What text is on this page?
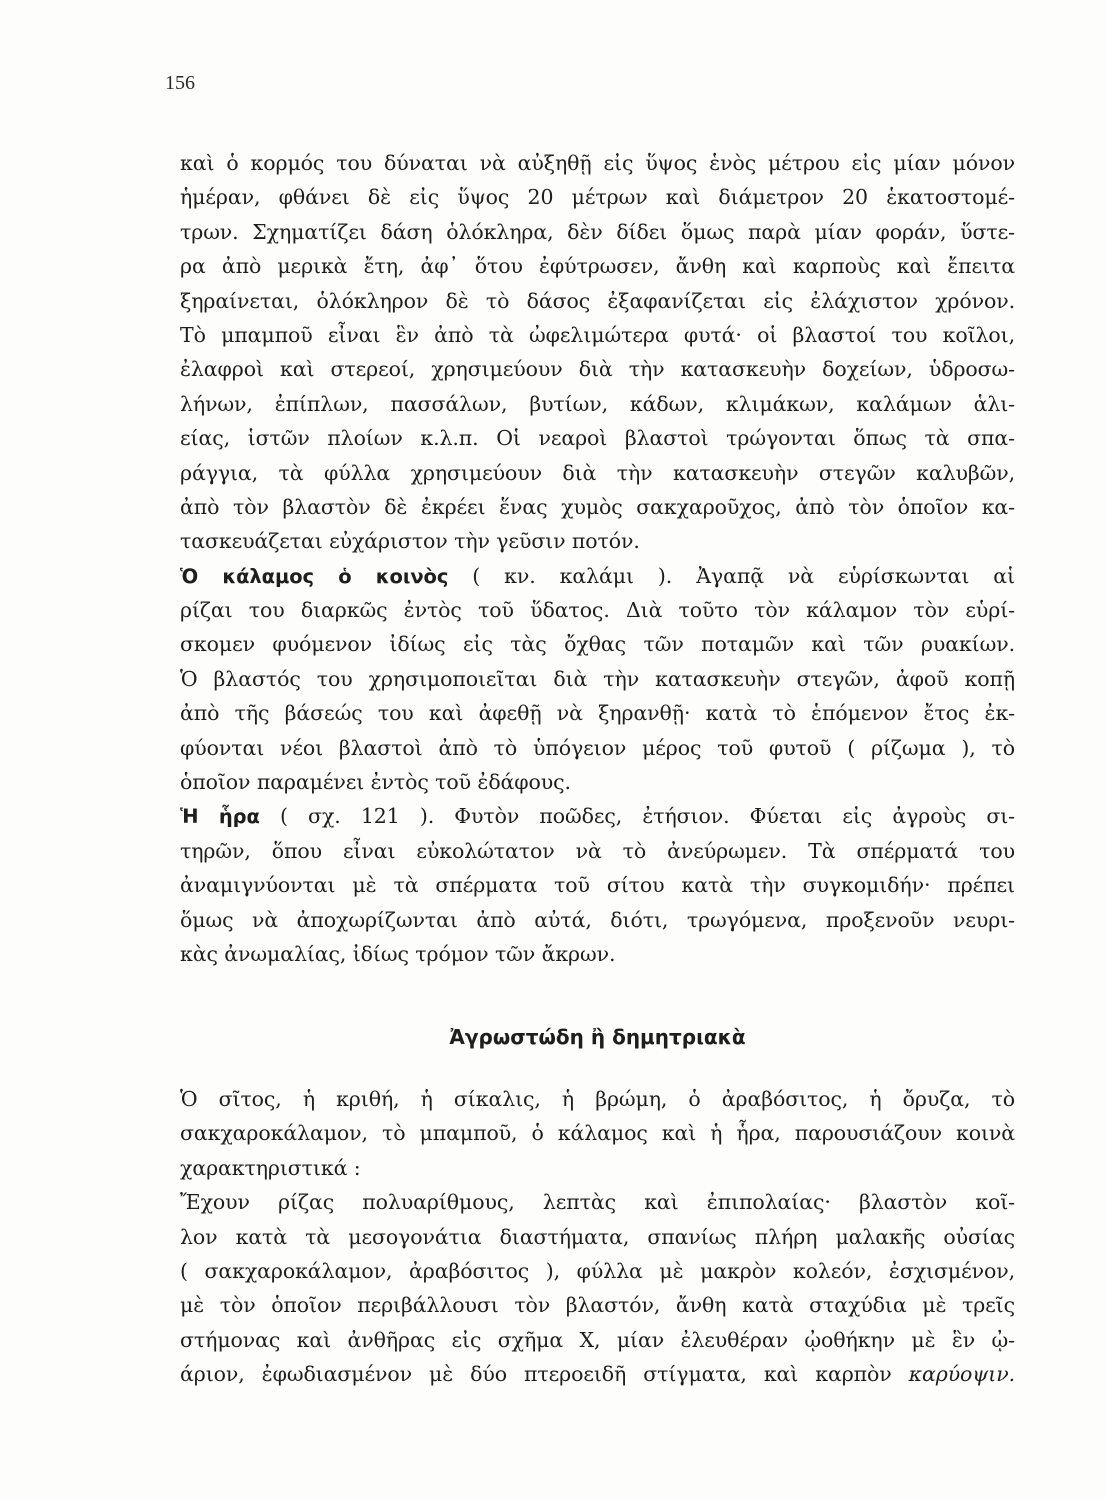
156
καὶ ὁ κορμός του δύναται νὰ αὐξηθῇ εἰς ὕψος ἑνὸς μέτρου εἰς μίαν μόνον
ἡμέραν, φθάνει δὲ εἰς ὕψος 20 μέτρων καὶ διάμετρον 20 ἑκατοστομέ-
τρων. Σχηματίζει δάση ὁλόκληρα, δὲν δίδει ὅμως παρὰ μίαν φοράν, ὕστε-
ρα ἀπὸ μερικὰ ἔτη, ἀφ᾽ ὅτου ἐφύτρωσεν, ἄνθη καὶ καρποὺς καὶ ἔπειτα
ξηραίνεται, ὁλόκληρον δὲ τὸ δάσος ἐξαφανίζεται εἰς ἐλάχιστον χρόνον.
Τὸ μπαμποῦ εἶναι ἓν ἀπὸ τὰ ὠφελιμώτερα φυτά· οἱ βλαστοί του κοῖλοι,
ἐλαφροὶ καὶ στερεοί, χρησιμεύουν διὰ τὴν κατασκευὴν δοχείων, ὑδροσω-
λήνων, ἐπίπλων, πασσάλων, βυτίων, κάδων, κλιμάκων, καλάμων ἁλι-
είας, ἱστῶν πλοίων κ.λ.π. Οἱ νεαροὶ βλαστοὶ τρώγονται ὅπως τὰ σπα-
ράγγια, τὰ φύλλα χρησιμεύουν διὰ τὴν κατασκευὴν στεγῶν καλυβῶν,
ἀπὸ τὸν βλαστὸν δὲ ἐκρέει ἕνας χυμὸς σακχαροῦχος, ἀπὸ τὸν ὁποῖον κα-
τασκευάζεται εὐχάριστον τὴν γεῦσιν ποτόν.
Ὁ κάλαμος ὁ κοινὸς ( κν. καλάμι ). Ἀγαπᾷ νὰ εὑρίσκωνται αἱ
ρίζαι του διαρκῶς ἐντὸς τοῦ ὕδατος. Διὰ τοῦτο τὸν κάλαμον τὸν εὑρί-
σκομεν φυόμενον ἰδίως εἰς τὰς ὄχθας τῶν ποταμῶν καὶ τῶν ρυακίων.
Ὁ βλαστός του χρησιμοποιεῖται διὰ τὴν κατασκευὴν στεγῶν, ἀφοῦ κοπῇ
ἀπὸ τῆς βάσεώς του καὶ ἀφεθῇ νὰ ξηρανθῇ· κατὰ τὸ ἑπόμενον ἔτος ἐκ-
φύονται νέοι βλαστοὶ ἀπὸ τὸ ὑπόγειον μέρος τοῦ φυτοῦ ( ρίζωμα ), τὸ
ὁποῖον παραμένει ἐντὸς τοῦ ἐδάφους.
Ἡ ἧρα ( σχ. 121 ). Φυτὸν ποῶδες, ἐτήσιον. Φύεται εἰς ἀγροὺς σι-
τηρῶν, ὅπου εἶναι εὐκολώτατον νὰ τὸ ἀνεύρωμεν. Τὰ σπέρματά του
ἀναμιγνύονται μὲ τὰ σπέρματα τοῦ σίτου κατὰ τὴν συγκομιδήν· πρέπει
ὅμως νὰ ἀποχωρίζωνται ἀπὸ αὐτά, διότι, τρωγόμενα, προξενοῦν νευρι-
κὰς ἀνωμαλίας, ἰδίως τρόμον τῶν ἄκρων.
Ἀγρωστώδη ἢ δημητριακὰ
Ὁ σῖτος, ἡ κριθή, ἡ σίκαλις, ἡ βρώμη, ὁ ἀραβόσιτος, ἡ ὄρυζα, τὸ
σακχαροκάλαμον, τὸ μπαμποῦ, ὁ κάλαμος καὶ ἡ ἧρα, παρουσιάζουν κοινὰ
χαρακτηριστικά :
Ἔχουν ρίζας πολυαρίθμους, λεπτὰς καὶ ἐπιπολαίας· βλαστὸν κοῖ-
λον κατὰ τὰ μεσογονάτια διαστήματα, σπανίως πλήρη μαλακῆς οὐσίας
( σακχαροκάλαμον, ἀραβόσιτος ), φύλλα μὲ μακρὸν κολεόν, ἐσχισμένον,
μὲ τὸν ὁποῖον περιβάλλουσι τὸν βλαστόν, ἄνθη κατὰ σταχύδια μὲ τρεῖς
στήμονας καὶ ἀνθῆρας εἰς σχῆμα Χ, μίαν ἐλευθέραν ᾠοθήκην μὲ ἓν ᾠ-
άριον, ἐφωδιασμένον μὲ δύο πτεροειδῆ στίγματα, καὶ καρπὸν καρύοψιν.
